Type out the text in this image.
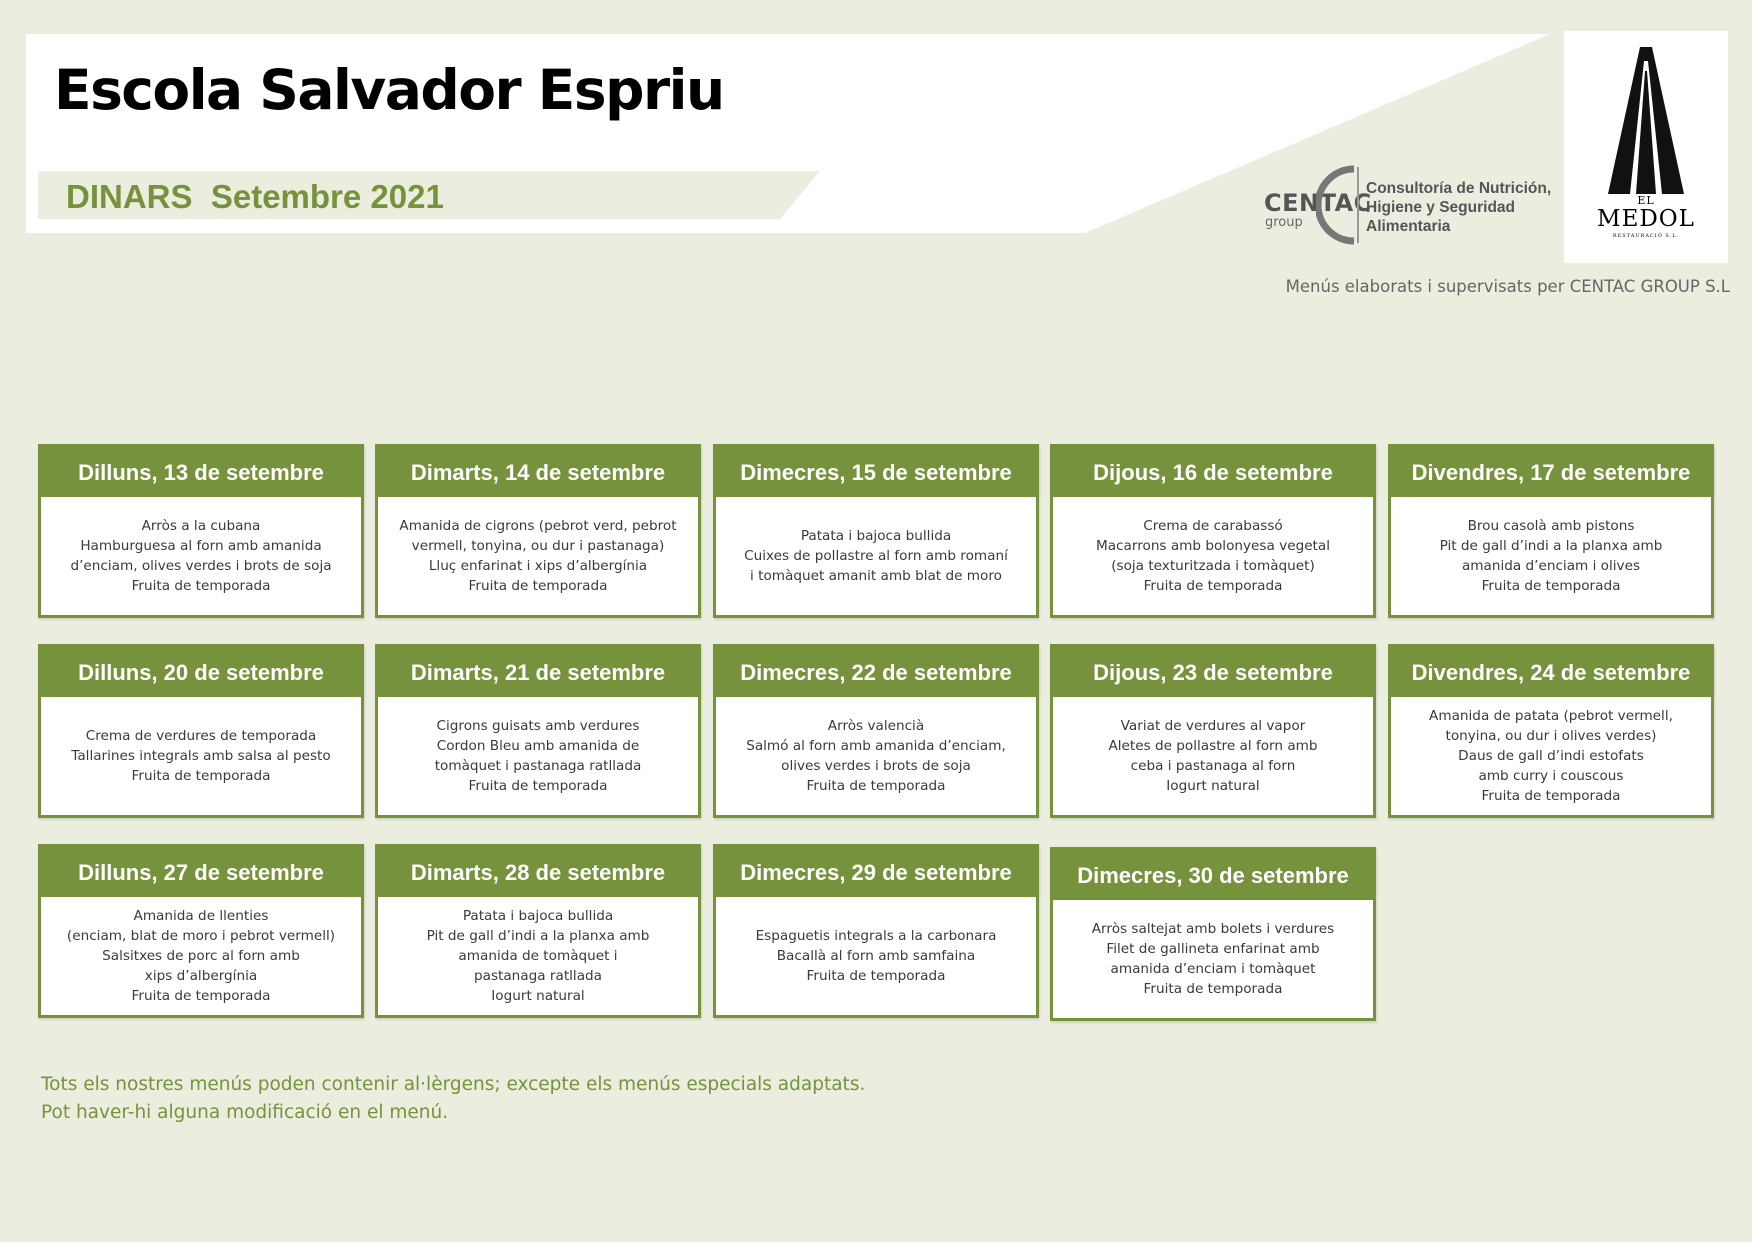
Escola Salvador Espriu
DINARS  Setembre 2021	CENTAC
group
Consultoría de Nutrición,
Higiene y Seguridad
Alimentaria
EL
MEDOL
RESTAURACIÓ S.L.
Menús elaborats i supervisats per CENTAC GROUP S.L
Dilluns, 13 de setembre
Arròs a la cubana
Hamburguesa al forn amb amanida
d’enciam, olives verdes i brots de soja
Fruita de temporada
Dimarts, 14 de setembre
Amanida de cigrons (pebrot verd, pebrot
vermell, tonyina, ou dur i pastanaga)
Lluç enfarinat i xips d’albergínia
Fruita de temporada
Dimecres, 15 de setembre
Patata i bajoca bullida
Cuixes de pollastre al forn amb romaní
i tomàquet amanit amb blat de moro
Dijous, 16 de setembre
Crema de carabassó
Macarrons amb bolonyesa vegetal
(soja texturitzada i tomàquet)
Fruita de temporada
Divendres, 17 de setembre
Brou casolà amb pistons
Pit de gall d’indi a la planxa amb
amanida d’enciam i olives
Fruita de temporada
Dilluns, 20 de setembre
Crema de verdures de temporada
Tallarines integrals amb salsa al pesto
Fruita de temporada
Dimarts, 21 de setembre
Cigrons guisats amb verdures
Cordon Bleu amb amanida de
tomàquet i pastanaga ratllada
Fruita de temporada
Dimecres, 22 de setembre
Arròs valencià
Salmó al forn amb amanida d’enciam,
olives verdes i brots de soja
Fruita de temporada
Dijous, 23 de setembre
Variat de verdures al vapor
Aletes de pollastre al forn amb
ceba i pastanaga al forn
Iogurt natural
Divendres, 24 de setembre
Amanida de patata (pebrot vermell,
tonyina, ou dur i olives verdes)
Daus de gall d’indi estofats
amb curry i couscous
Fruita de temporada
Dilluns, 27 de setembre
Amanida de llenties
(enciam, blat de moro i pebrot vermell)
Salsitxes de porc al forn amb
xips d’albergínia
Fruita de temporada
Dimarts, 28 de setembre
Patata i bajoca bullida
Pit de gall d’indi a la planxa amb
amanida de tomàquet i
pastanaga ratllada
Iogurt natural
Dimecres, 29 de setembre
Espaguetis integrals a la carbonara
Bacallà al forn amb samfaina
Fruita de temporada
Dimecres, 30 de setembre
Arròs saltejat amb bolets i verdures
Filet de gallineta enfarinat amb
amanida d’enciam i tomàquet
Fruita de temporada
Tots els nostres menús poden contenir al·lèrgens; excepte els menús especials adaptats.
Pot haver-hi alguna modificació en el menú.
